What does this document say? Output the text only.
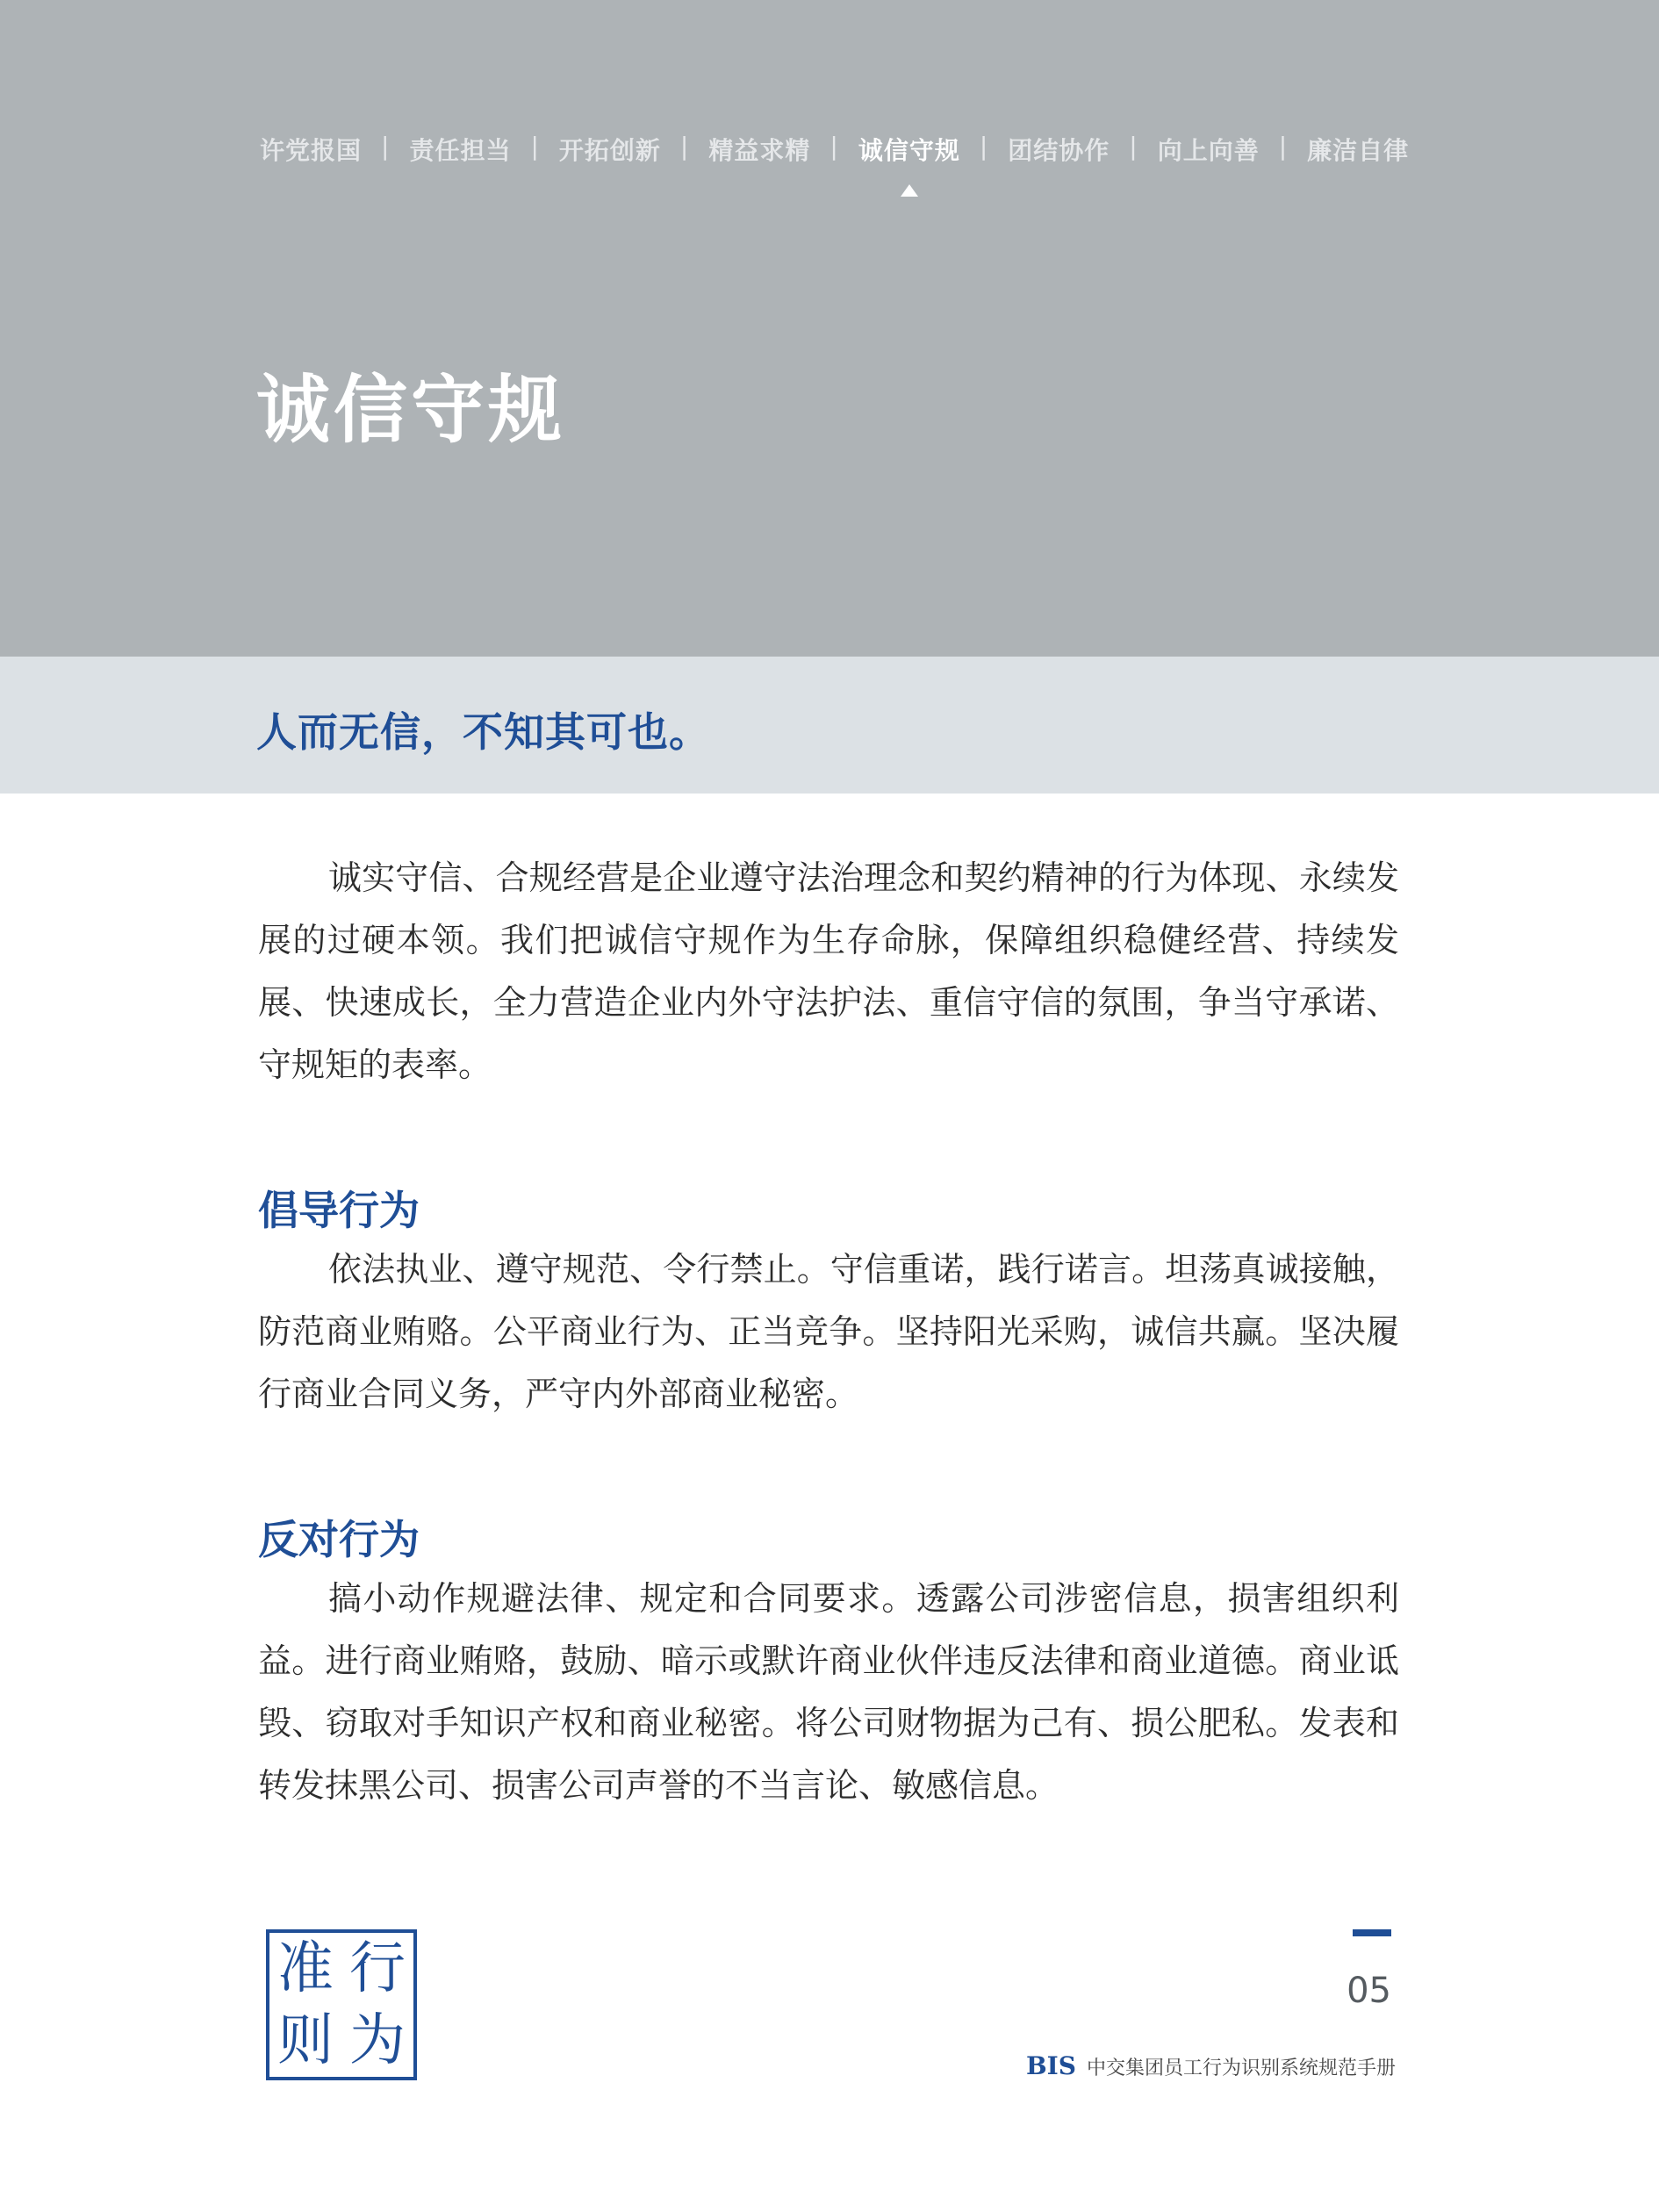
许党报国 | 责任担当 | 开拓创新 | 精益求精 | 诚信守规 | 团结协作 | 向上向善 | 廉洁自律
诚信守规

人而无信，不知其可也。

诚实守信、合规经营是企业遵守法治理念和契约精神的行为体现、永续发展的过硬本领。我们把诚信守规作为生存命脉，保障组织稳健经营、持续发展、快速成长，全力营造企业内外守法护法、重信守信的氛围，争当守承诺、守规矩的表率。

倡导行为

依法执业、遵守规范、令行禁止。守信重诺，践行诺言。坦荡真诚接触，防范商业贿赂。公平商业行为、正当竞争。坚持阳光采购，诚信共赢。坚决履行商业合同义务，严守内外部商业秘密。

反对行为

搞小动作规避法律、规定和合同要求。透露公司涉密信息，损害组织利益。进行商业贿赂，鼓励、暗示或默许商业伙伴违反法律和商业道德。商业诋毁、窃取对手知识产权和商业秘密。将公司财物据为己有、损公肥私。发表和转发抹黑公司、损害公司声誉的不当言论、敏感信息。

准 行
则 为
05
BIS 中交集团员工行为识别系统规范手册
